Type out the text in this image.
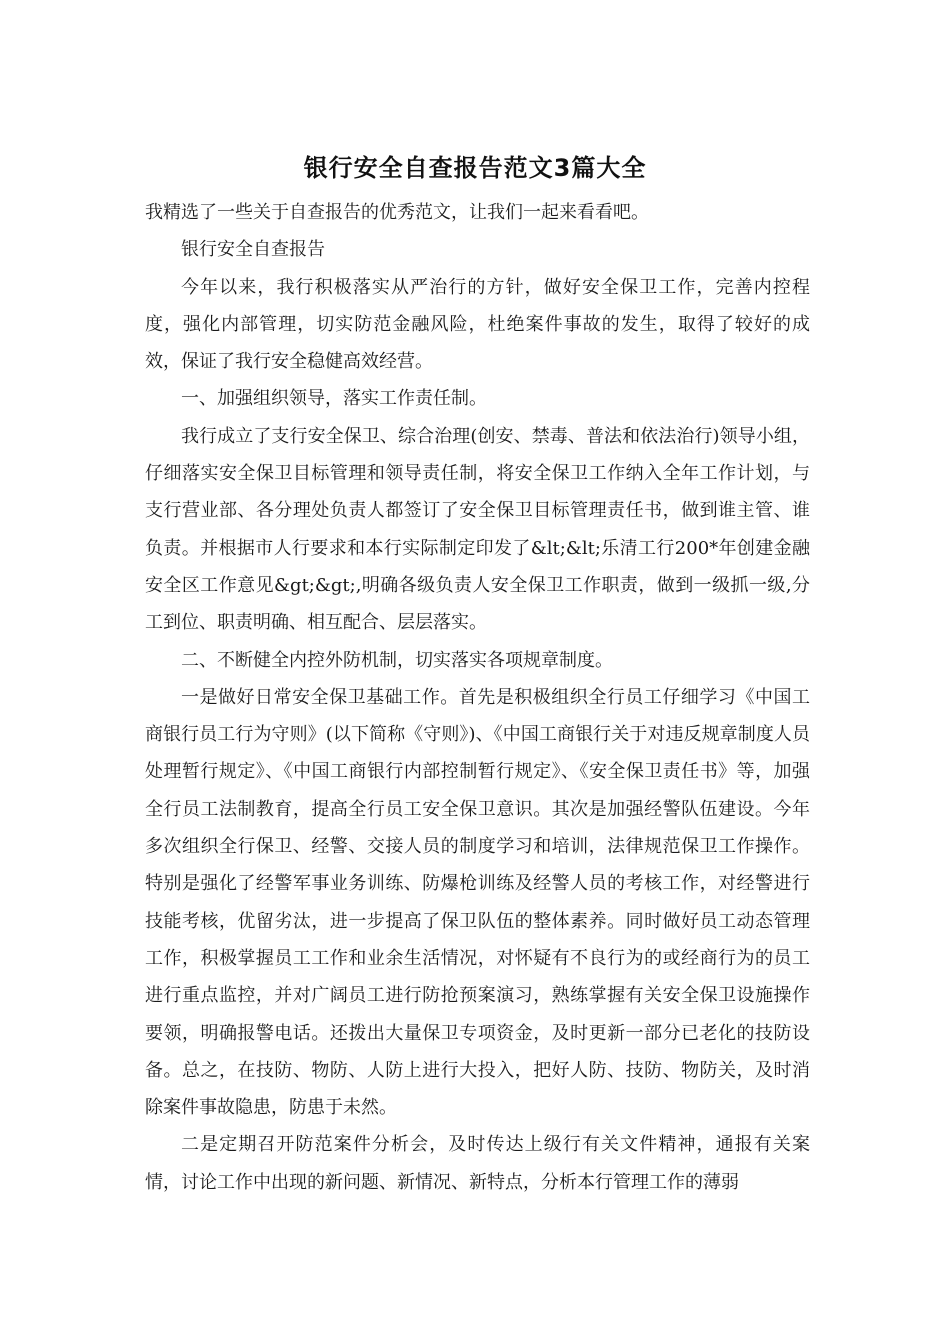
银行安全自查报告范文3篇大全

我精选了一些关于自查报告的优秀范文，让我们一起来看看吧。

银行安全自查报告

今年以来，我行积极落实从严治行的方针，做好安全保卫工作，完善内控程度，强化内部管理，切实防范金融风险，杜绝案件事故的发生，取得了较好的成效，保证了我行安全稳健高效经营。

一、加强组织领导，落实工作责任制。

我行成立了支行安全保卫、综合治理(创安、禁毒、普法和依法治行)领导小组，仔细落实安全保卫目标管理和领导责任制，将安全保卫工作纳入全年工作计划，与支行营业部、各分理处负责人都签订了安全保卫目标管理责任书，做到谁主管、谁负责。并根据市人行要求和本行实际制定印发了&lt;&lt;乐清工行200*年创建金融安全区工作意见&gt;&gt;,明确各级负责人安全保卫工作职责，做到一级抓一级,分工到位、职责明确、相互配合、层层落实。

二、不断健全内控外防机制，切实落实各项规章制度。

一是做好日常安全保卫基础工作。首先是积极组织全行员工仔细学习《中国工商银行员工行为守则》(以下简称《守则》)、《中国工商银行关于对违反规章制度人员处理暂行规定》、《中国工商银行内部控制暂行规定》、《安全保卫责任书》等，加强全行员工法制教育，提高全行员工安全保卫意识。其次是加强经警队伍建设。今年多次组织全行保卫、经警、交接人员的制度学习和培训，法律规范保卫工作操作。特别是强化了经警军事业务训练、防爆枪训练及经警人员的考核工作，对经警进行技能考核，优留劣汰，进一步提高了保卫队伍的整体素养。同时做好员工动态管理工作，积极掌握员工工作和业余生活情况，对怀疑有不良行为的或经商行为的员工进行重点监控，并对广阔员工进行防抢预案演习，熟练掌握有关安全保卫设施操作要领，明确报警电话。还拨出大量保卫专项资金，及时更新一部分已老化的技防设备。总之，在技防、物防、人防上进行大投入，把好人防、技防、物防关，及时消除案件事故隐患，防患于未然。

二是定期召开防范案件分析会，及时传达上级行有关文件精神，通报有关案情，讨论工作中出现的新问题、新情况、新特点，分析本行管理工作的薄弱
